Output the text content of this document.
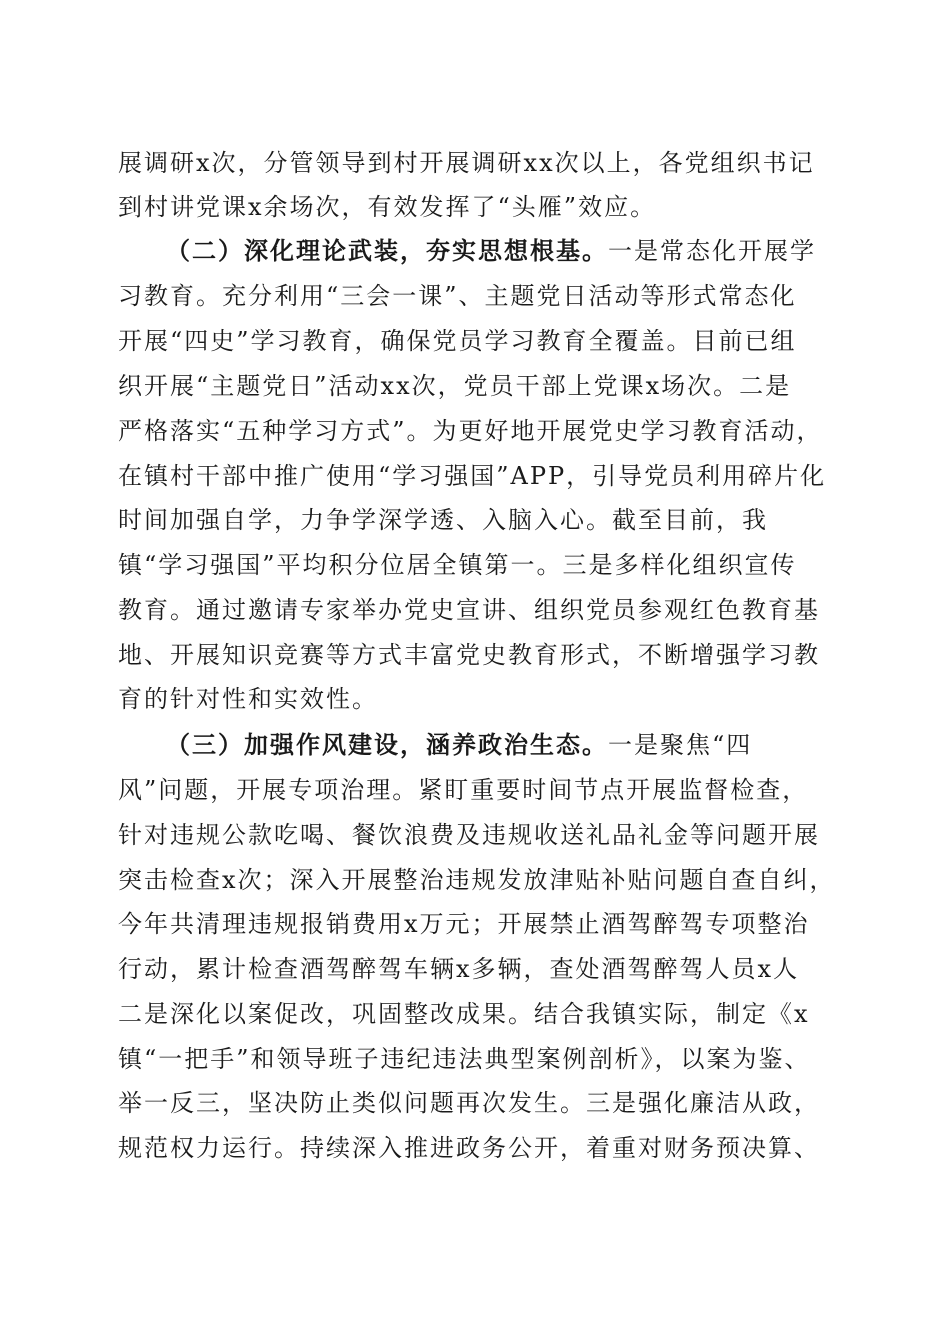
展调研x次，分管领导到村开展调研xx次以上，各党组织书记
到村讲党课x余场次，有效发挥了“头雁”效应。
（二）深化理论武装，夯实思想根基。一是常态化开展学
习教育。充分利用“三会一课”、主题党日活动等形式常态化
开展“四史”学习教育，确保党员学习教育全覆盖。目前已组
织开展“主题党日”活动xx次，党员干部上党课x场次。二是
严格落实“五种学习方式”。为更好地开展党史学习教育活动，
在镇村干部中推广使用“学习强国”APP，引导党员利用碎片化
时间加强自学，力争学深学透、入脑入心。截至目前，我
镇“学习强国”平均积分位居全镇第一。三是多样化组织宣传
教育。通过邀请专家举办党史宣讲、组织党员参观红色教育基
地、开展知识竞赛等方式丰富党史教育形式，不断增强学习教
育的针对性和实效性。
（三）加强作风建设，涵养政治生态。一是聚焦“四
风”问题，开展专项治理。紧盯重要时间节点开展监督检查，
针对违规公款吃喝、餐饮浪费及违规收送礼品礼金等问题开展
突击检查x次；深入开展整治违规发放津贴补贴问题自查自纠，
今年共清理违规报销费用x万元；开展禁止酒驾醉驾专项整治
行动，累计检查酒驾醉驾车辆x多辆，查处酒驾醉驾人员x人
二是深化以案促改，巩固整改成果。结合我镇实际，制定《x
镇“一把手”和领导班子违纪违法典型案例剖析》，以案为鉴、
举一反三，坚决防止类似问题再次发生。三是强化廉洁从政，
规范权力运行。持续深入推进政务公开，着重对财务预决算、
